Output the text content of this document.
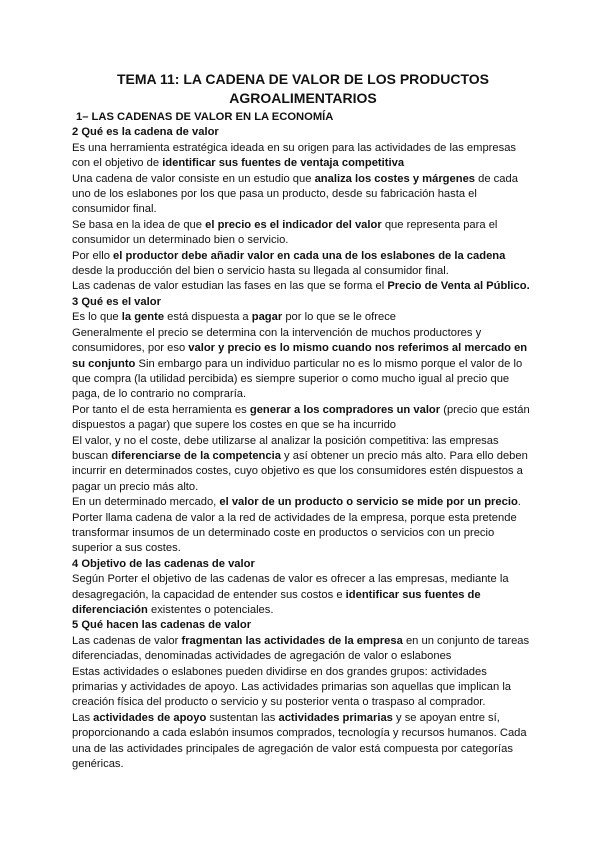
TEMA 11: LA CADENA DE VALOR DE LOS PRODUCTOS AGROALIMENTARIOS
1– LAS CADENAS DE VALOR EN LA ECONOMÍA
2 Qué es la cadena de valor

Es una herramienta estratégica ideada en su origen para las actividades de las empresas con el objetivo de identificar sus fuentes de ventaja competitiva

Una cadena de valor consiste en un estudio que analiza los costes y márgenes de cada uno de los eslabones por los que pasa un producto, desde su fabricación hasta el consumidor final.

Se basa en la idea de que el precio es el indicador del valor que representa para el consumidor un determinado bien o servicio.

Por ello el productor debe añadir valor en cada una de los eslabones de la cadena desde la producción del bien o servicio hasta su llegada al consumidor final.

Las cadenas de valor estudian las fases en las que se forma el Precio de Venta al Público.

3 Qué es el valor

Es lo que la gente está dispuesta a pagar por lo que se le ofrece

Generalmente el precio se determina con la intervención de muchos productores y consumidores, por eso valor y precio es lo mismo cuando nos referimos al mercado en su conjunto Sin embargo para un individuo particular no es lo mismo porque el valor de lo que compra (la utilidad percibida) es siempre superior o como mucho igual al precio que paga, de lo contrario no compraría.

Por tanto el de esta herramienta es generar a los compradores un valor (precio que están dispuestos a pagar) que supere los costes en que se ha incurrido

El valor, y no el coste, debe utilizarse al analizar la posición competitiva: las empresas buscan diferenciarse de la competencia y así obtener un precio más alto. Para ello deben incurrir en determinados costes, cuyo objetivo es que los consumidores estén dispuestos a pagar un precio más alto.

En un determinado mercado, el valor de un producto o servicio se mide por un precio.

Porter llama cadena de valor a la red de actividades de la empresa, porque esta pretende transformar insumos de un determinado coste en productos o servicios con un precio superior a sus costes.

4 Objetivo de las cadenas de valor

Según Porter el objetivo de las cadenas de valor es ofrecer a las empresas, mediante la desagregación, la capacidad de entender sus costos e identificar sus fuentes de diferenciación existentes o potenciales.

5 Qué hacen las cadenas de valor

Las cadenas de valor fragmentan las actividades de la empresa en un conjunto de tareas diferenciadas, denominadas actividades de agregación de valor o eslabones

Estas actividades o eslabones pueden dividirse en dos grandes grupos: actividades primarias y actividades de apoyo. Las actividades primarias son aquellas que implican la creación física del producto o servicio y su posterior venta o traspaso al comprador.

Las actividades de apoyo sustentan las actividades primarias y se apoyan entre sí, proporcionando a cada eslabón insumos comprados, tecnología y recursos humanos. Cada una de las actividades principales de agregación de valor está compuesta por categorías genéricas.
